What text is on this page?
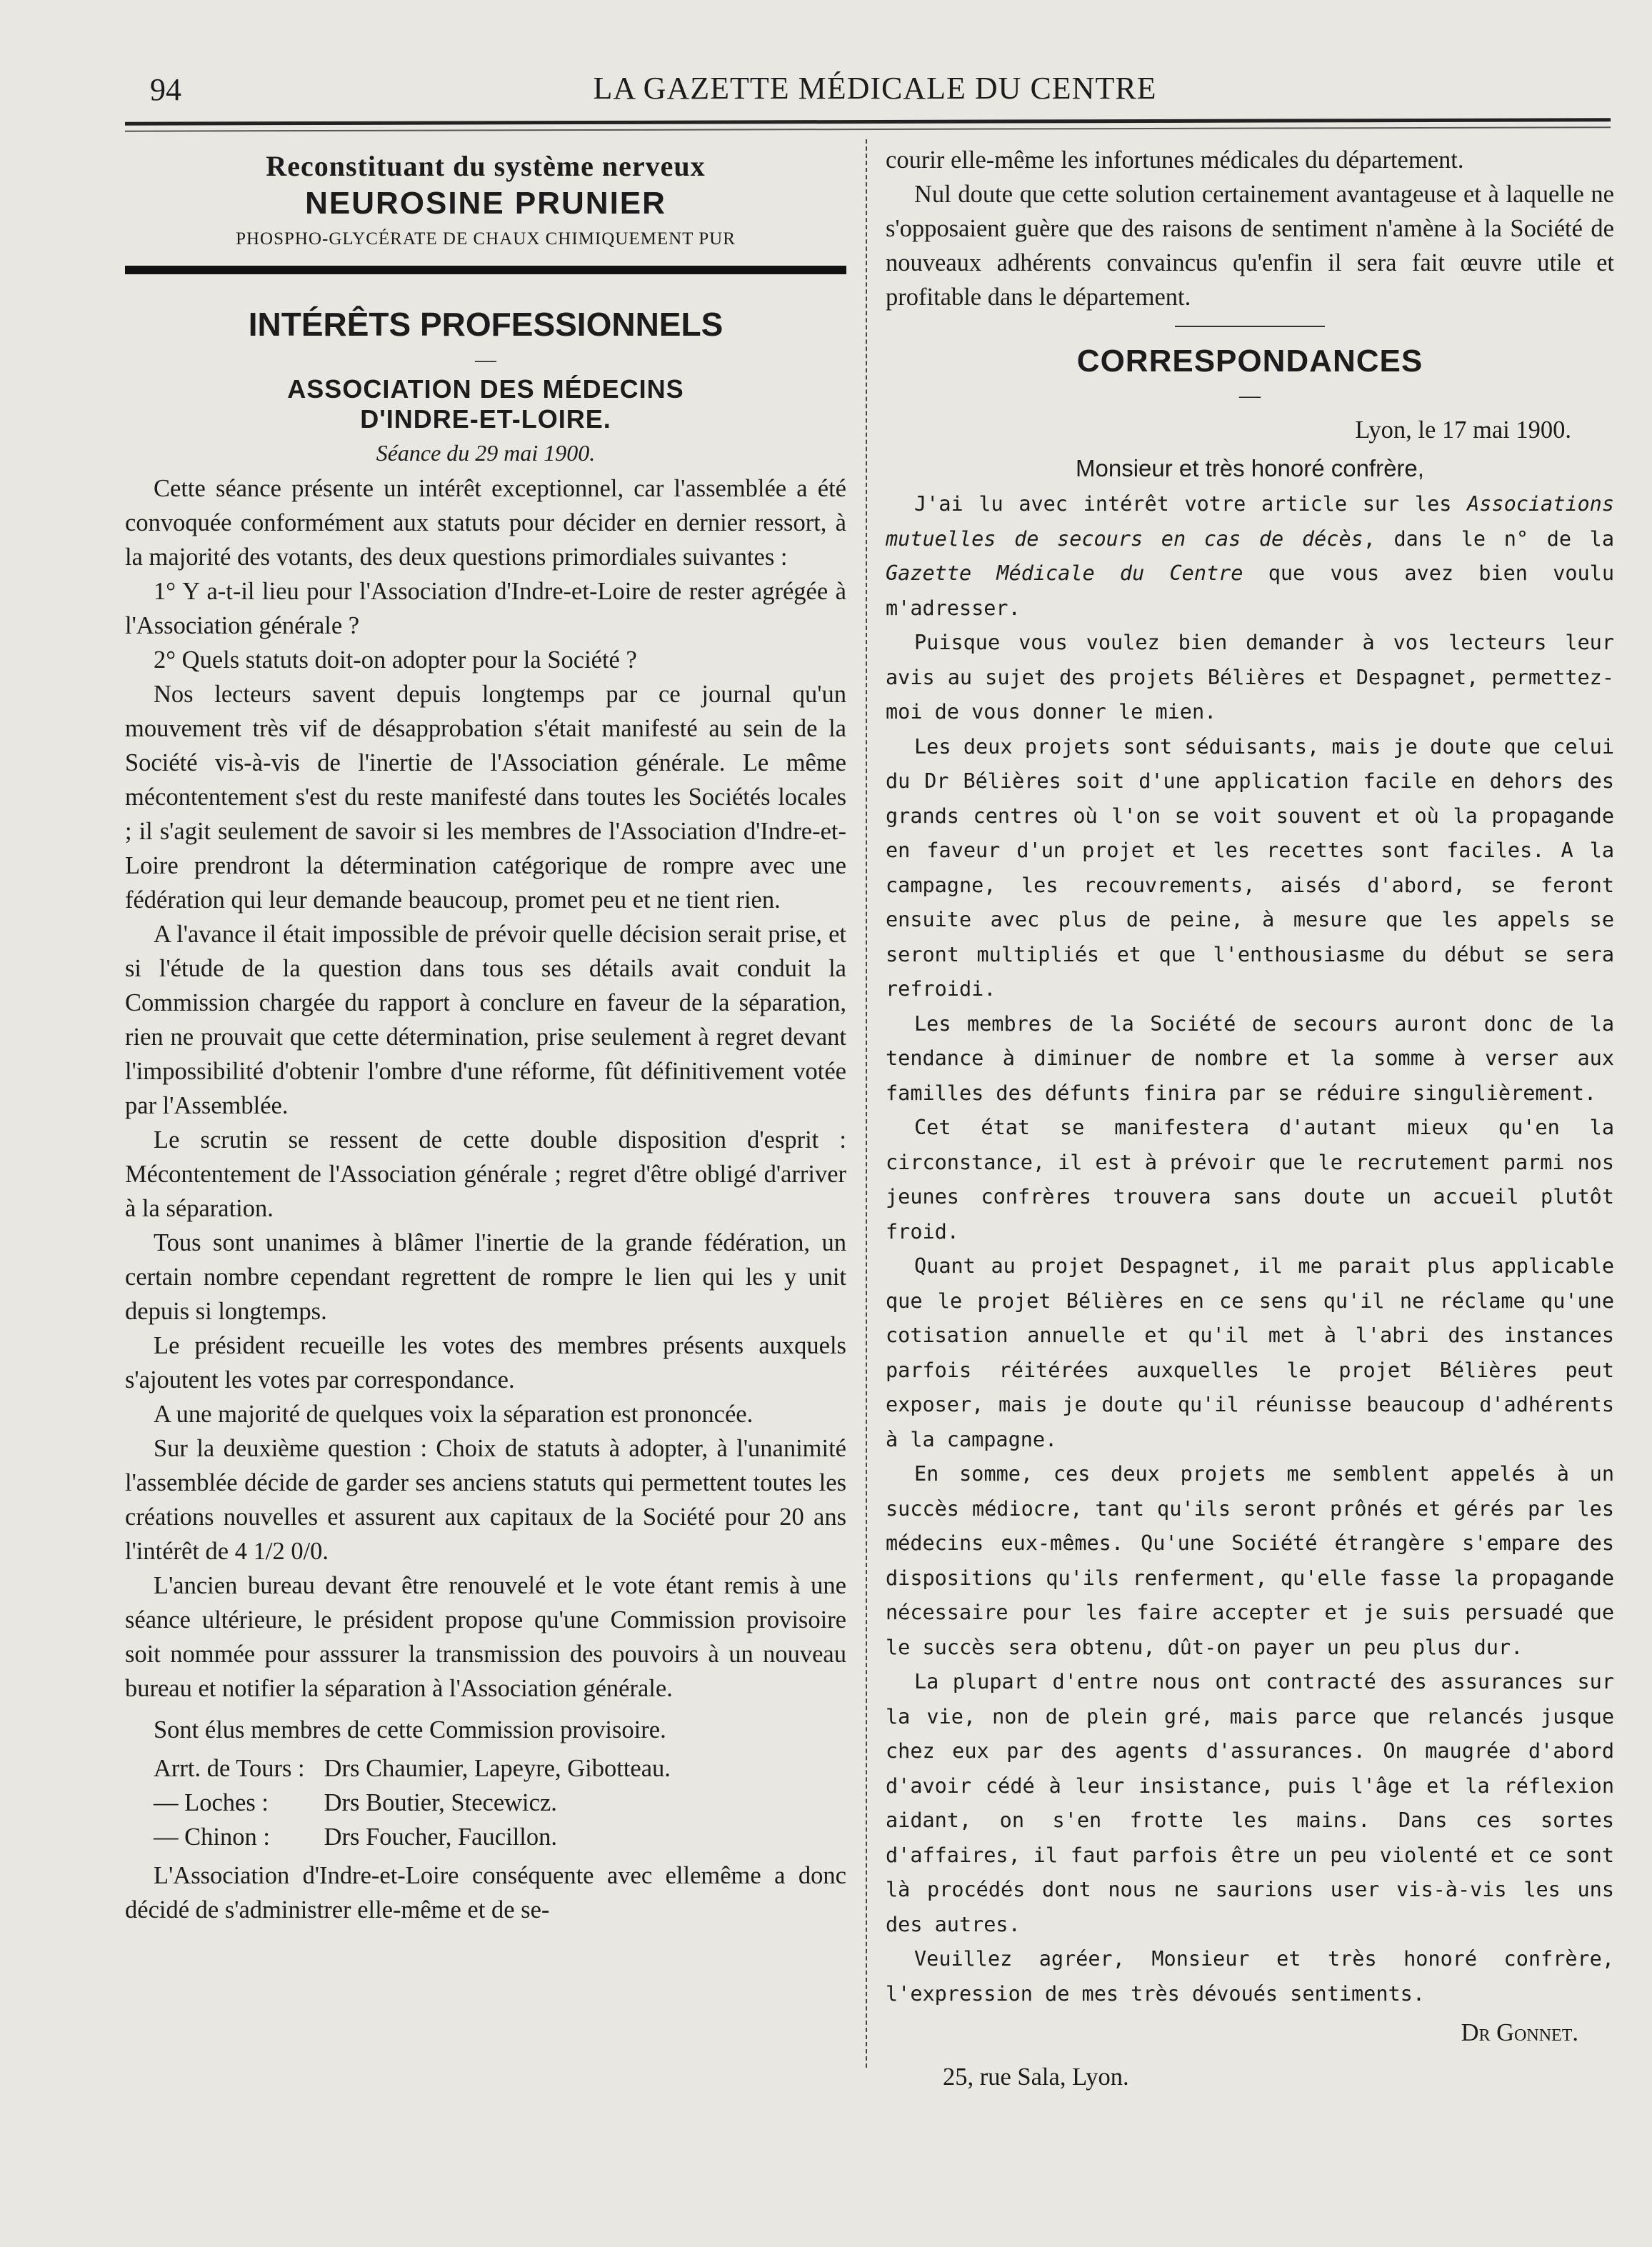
94	LA GAZETTE MÉDICALE DU CENTRE
Reconstituant du système nerveux
NEUROSINE PRUNIER
PHOSPHO-GLYCÉRATE DE CHAUX CHIMIQUEMENT PUR
INTÉRÊTS PROFESSIONNELS
—
ASSOCIATION DES MÉDECINS
D'INDRE-ET-LOIRE.
Séance du 29 mai 1900.

Cette séance présente un intérêt exceptionnel, car l'assemblée a été convoquée conformément aux statuts pour décider en dernier ressort, à la majorité des votants, des deux questions primordiales suivantes :

1° Y a-t-il lieu pour l'Association d'Indre-et-Loire de rester agrégée à l'Association générale ?

2° Quels statuts doit-on adopter pour la Société ?

Nos lecteurs savent depuis longtemps par ce journal qu'un mouvement très vif de désapprobation s'était manifesté au sein de la Société vis-à-vis de l'inertie de l'Association générale. Le même mécontentement s'est du reste manifesté dans toutes les Sociétés locales ; il s'agit seulement de savoir si les membres de l'Association d'Indre-et-Loire prendront la détermination catégorique de rompre avec une fédération qui leur demande beaucoup, promet peu et ne tient rien.

A l'avance il était impossible de prévoir quelle décision serait prise, et si l'étude de la question dans tous ses détails avait conduit la Commission chargée du rapport à conclure en faveur de la séparation, rien ne prouvait que cette détermination, prise seulement à regret devant l'impossibilité d'obtenir l'ombre d'une réforme, fût définitivement votée par l'Assemblée.

Le scrutin se ressent de cette double disposition d'esprit : Mécontentement de l'Association générale ; regret d'être obligé d'arriver à la séparation.

Tous sont unanimes à blâmer l'inertie de la grande fédération, un certain nombre cependant regrettent de rompre le lien qui les y unit depuis si longtemps.

Le président recueille les votes des membres présents auxquels s'ajoutent les votes par correspondance.

A une majorité de quelques voix la séparation est prononcée.

Sur la deuxième question : Choix de statuts à adopter, à l'unanimité l'assemblée décide de garder ses anciens statuts qui permettent toutes les créations nouvelles et assurent aux capitaux de la Société pour 20 ans l'intérêt de 4 1/2 0/0.

L'ancien bureau devant être renouvelé et le vote étant remis à une séance ultérieure, le président propose qu'une Commission provisoire soit nommée pour asssurer la transmission des pouvoirs à un nouveau bureau et notifier la séparation à l'Association générale.

Sont élus membres de cette Commission provisoire.

Arrt. de Tours : Drs Chaumier, Lapeyre, Gibotteau.

— Loches : Drs Boutier, Stecewicz.

— Chinon : Drs Foucher, Faucillon.

L'Association d'Indre-et-Loire conséquente avec ellemême a donc décidé de s'administrer elle-même et de se-

courir elle-même les infortunes médicales du département.

Nul doute que cette solution certainement avantageuse et à laquelle ne s'opposaient guère que des raisons de sentiment n'amène à la Société de nouveaux adhérents convaincus qu'enfin il sera fait œuvre utile et profitable dans le département.

CORRESPONDANCES
—
Lyon, le 17 mai 1900.
Monsieur et très honoré confrère,

J'ai lu avec intérêt votre article sur les Associations mutuelles de secours en cas de décès, dans le n° de la Gazette Médicale du Centre que vous avez bien voulu m'adresser.

Puisque vous voulez bien demander à vos lecteurs leur avis au sujet des projets Bélières et Despagnet, permettez-moi de vous donner le mien.

Les deux projets sont séduisants, mais je doute que celui du Dr Bélières soit d'une application facile en dehors des grands centres où l'on se voit souvent et où la propagande en faveur d'un projet et les recettes sont faciles. A la campagne, les recouvrements, aisés d'abord, se feront ensuite avec plus de peine, à mesure que les appels se seront multipliés et que l'enthousiasme du début se sera refroidi.

Les membres de la Société de secours auront donc de la tendance à diminuer de nombre et la somme à verser aux familles des défunts finira par se réduire singulièrement.

Cet état se manifestera d'autant mieux qu'en la circonstance, il est à prévoir que le recrutement parmi nos jeunes confrères trouvera sans doute un accueil plutôt froid.

Quant au projet Despagnet, il me parait plus applicable que le projet Bélières en ce sens qu'il ne réclame qu'une cotisation annuelle et qu'il met à l'abri des instances parfois réitérées auxquelles le projet Bélières peut exposer, mais je doute qu'il réunisse beaucoup d'adhérents à la campagne.

En somme, ces deux projets me semblent appelés à un succès médiocre, tant qu'ils seront prônés et gérés par les médecins eux-mêmes. Qu'une Société étrangère s'empare des dispositions qu'ils renferment, qu'elle fasse la propagande nécessaire pour les faire accepter et je suis persuadé que le succès sera obtenu, dût-on payer un peu plus dur.

La plupart d'entre nous ont contracté des assurances sur la vie, non de plein gré, mais parce que relancés jusque chez eux par des agents d'assurances. On maugrée d'abord d'avoir cédé à leur insistance, puis l'âge et la réflexion aidant, on s'en frotte les mains. Dans ces sortes d'affaires, il faut parfois être un peu violenté et ce sont là procédés dont nous ne saurions user vis-à-vis les uns des autres.

Veuillez agréer, Monsieur et très honoré confrère, l'expression de mes très dévoués sentiments.

Dr Gonnet.
25, rue Sala, Lyon.
